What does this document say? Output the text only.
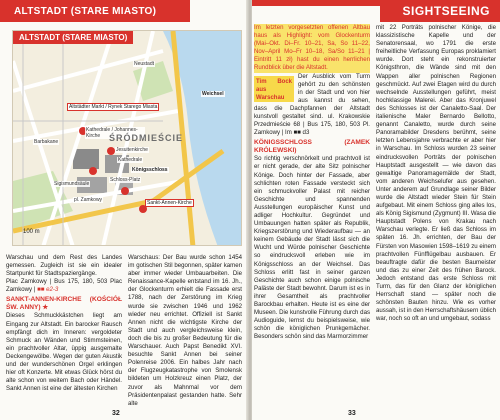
ALTSTADT (STARE MIASTO)
ALTSTADT (STARE MIASTO)
Altstädter Markt / Rynek Starego Miasta
Kathedrale / Johannes-Kirche
Barbakane
Jesuitenkirche
Kathedrale
Königsschloss
Sankt-Annen-Kirche
Sigismundsäule
Schloss-Platz
pl. Zamkowy
Neustadt
Weichsel
ŚRÓDMIEŚCIE
100 m

Warschau und dem Rest des Landes gemessen. Zugleich ist sie ein idealer Startpunkt für Stadtspaziergänge.

Plac Zamkowy | Bus 175, 180, 503 Plac Zamkowy | ■■ e2-3

SANKT-ANNEN-KIRCHE (KOŚCIÓŁ ŚW. ANNY) ★

Dieses Schmuckkästchen liegt am Eingang zur Altstadt. Ein barocker Rausch empfängt dich im Inneren: vergoldeter Schmuck an Wänden und Stimmsteinen, ein prachtvoller Altar, üppig ausgemalte Deckengewölbe. Wegen der guten Akustik und der wunderschönen Orgel erklingen hier oft Konzerte. Mit etwas Glück hörst du alte schon von weitem Bach oder Händel. Sankt Annen ist eine der ältesten Kirchen

Warschaus: Der Bau wurde schon 1454 im gotischen Stil begonnen, später kamen aber immer wieder Umbauarbeiten. Die Renaissance-Kapelle entstand im 16. Jh., der Glockenturm erhielt die Fassade erst 1788, nach der Zerstörung im Krieg wurde sie zwischen 1946 und 1962 wieder neu errichtet. Offiziell ist Sankt Annen nicht die wichtigste Kirche der Stadt und auch vergleichsweise klein, doch die bis zu großer Bedeutung für die Warschauer. Auch Papst Benedikt XVI. besuchte Sankt Annen bei seiner Polenreise 2006. Ein halbes Jahr nach der Flugzeugkatastrophe von Smolensk bildeten um Holzkreuz einen Platz, der zuvor als Mahnmal vor dem Präsidentenpalast gestanden hatte. Sehr alte

32
SIGHTSEEING

Im letzten vorgesetzten offenen Altbau haus als Highlight: vom Glockenturm (Mai–Okt. Di–Fr. 10–21, Sa, So 11–22, Nov–April Mo–Fr 10–18, Sa/So 11–21 | Eintritt 11 zł) hast du einen herrlichen Rundblick über die Altstadt.

Tim Bock aus Warschau

Der Ausblick vom Turm gehört zu den schönsten in der Stadt und von hier aus kannst du sehen, dass die Dachpfannen der Altstadt kunstvoll gestaltet sind. ul. Krakowskie Przedmieście 68 | Bus 175, 180, 503 Pl. Zamkowy | Im ■■ d3

KÖNIGSSCHLOSS (ZAMEK KRÓLEWSKI)

So richtig verschnörkelt und prachtvoll ist er nicht gerade, der alte Sitz polnischer Könige. Doch hinter der Fassade, aber schlichten roten Fassade versteckt sich ein schmuckvoller Palast mit reicher Geschichte und spannenden Ausstellungen europäischer Kunst und adliger Hochkultur. Gegründet und Umbauungen hatten später als Republik, Kriegszerstörung und Wiederaufbau — an keinem Gebäude der Stadt lässt sich die Wucht und Würde polnischer Geschichte so eindrucksvoll erleben wie im Königsschloss an der Weichsel. Das Schloss erlitt fast in seiner ganzen Geschichte auch schon einige polnische Paläste der Stadt bewohnt. Darum ist es in ihrer Gesamtheit als prachtvoller Barockbau erhalten. Heute ist es eine der Museen. Die kunstvolle Führung durch das Audioguide, lernst du beispielsweise, wie schön die königlichen Prunkgemächer. Besonders schön sind das Marmorzimmer

mit 22 Porträts polnischer Könige, die klassizistische Kapelle und der Senatorensaal, wo 1791 die erste freiheitliche Verfassung Europas proklamiert wurde. Dort steht ein rekonstruierter Königsthron, die Wände sind mit den Wappen aller polnischen Regionen geschmückt. Auf zwei Etagen wird du durch wechselnde Ausstellungen geführt, meist hochklassige Malerei. Aber das Kronjuwel des Schlosses ist der Canaletto-Saal. Der italienische Maler Bernardo Bellotto, genannt Canaletto, wurde durch seine Panoramabilder Dresdens berühmt, seine letzten Lebensjahre verbrachte er aber hier in Warschau. Im Schloss wurden 23 seiner eindrucksvollen Porträts der polnischen Hauptstadt ausgestellt — wie davon das gewaltige Panoramagemälde der Stadt, vom anderen Weichselufer aus gesehen. Unter anderem auf Grundlage seiner Bilder wurde die Altstadt wieder Stein für Stein aufgebaut. Mit einem Schloss ging alles los, als König Sigismund (Zygmunt) III. Wasa die Hauptstadt Polens von Krakau nach Warschau verlegte. Er ließ das Schloss im späten 16. Jh. errichten, der Bau der Fürsten von Masowien 1598–1619 zu einem prachtvollen Fünfflügelbau ausbauen. Er beauftragte dafür die besten Baumeister und das zu einer Zeit des frühen Barock. Jedoch entstand das erste Schloss mit Turm, das für den Glanz der königlichen Herrschaft stand — später noch die schönsten Bauten hinzu. Wie es vorher aussah, ist in den Herrschaftshäusern üblich war, noch so oft an und umgebaut, sodass

33
